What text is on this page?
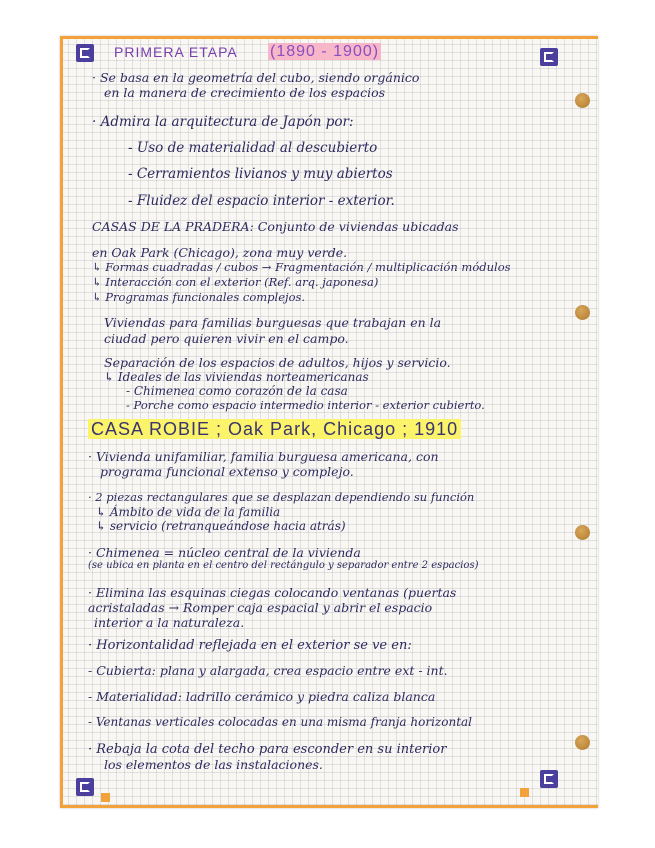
PRIMERA ETAPA (1890 - 1900)
· Se basa en la geometría del cubo, siendo orgánico
en la manera de crecimiento de los espacios
· Admira la arquitectura de Japón por:
- Uso de materialidad al descubierto
- Cerramientos livianos y muy abiertos
- Fluidez del espacio interior - exterior.
CASAS DE LA PRADERA: Conjunto de viviendas ubicadas
en Oak Park (Chicago), zona muy verde.
↳ Formas cuadradas / cubos → Fragmentación / multiplicación módulos
↳ Interacción con el exterior (Ref. arq. japonesa)
↳ Programas funcionales complejos.
Viviendas para familias burguesas que trabajan en la
ciudad pero quieren vivir en el campo.
Separación de los espacios de adultos, hijos y servicio.
↳ Ideales de las viviendas norteamericanas
- Chimenea como corazón de la casa
- Porche como espacio intermedio interior - exterior cubierto.
CASA ROBIE ; Oak Park, Chicago ; 1910
· Vivienda unifamiliar, familia burguesa americana, con
programa funcional extenso y complejo.
· 2 piezas rectangulares que se desplazan dependiendo su función
↳ Ámbito de vida de la familia
↳ servicio (retranqueándose hacia atrás)
· Chimenea = núcleo central de la vivienda
(se ubica en planta en el centro del rectángulo y separador entre 2 espacios)
· Elimina las esquinas ciegas colocando ventanas (puertas
acristaladas → Romper caja espacial y abrir el espacio
interior a la naturaleza.
· Horizontalidad reflejada en el exterior se ve en:
- Cubierta: plana y alargada, crea espacio entre ext - int.
- Materialidad: ladrillo cerámico y piedra caliza blanca
- Ventanas verticales colocadas en una misma franja horizontal
· Rebaja la cota del techo para esconder en su interior
los elementos de las instalaciones.
